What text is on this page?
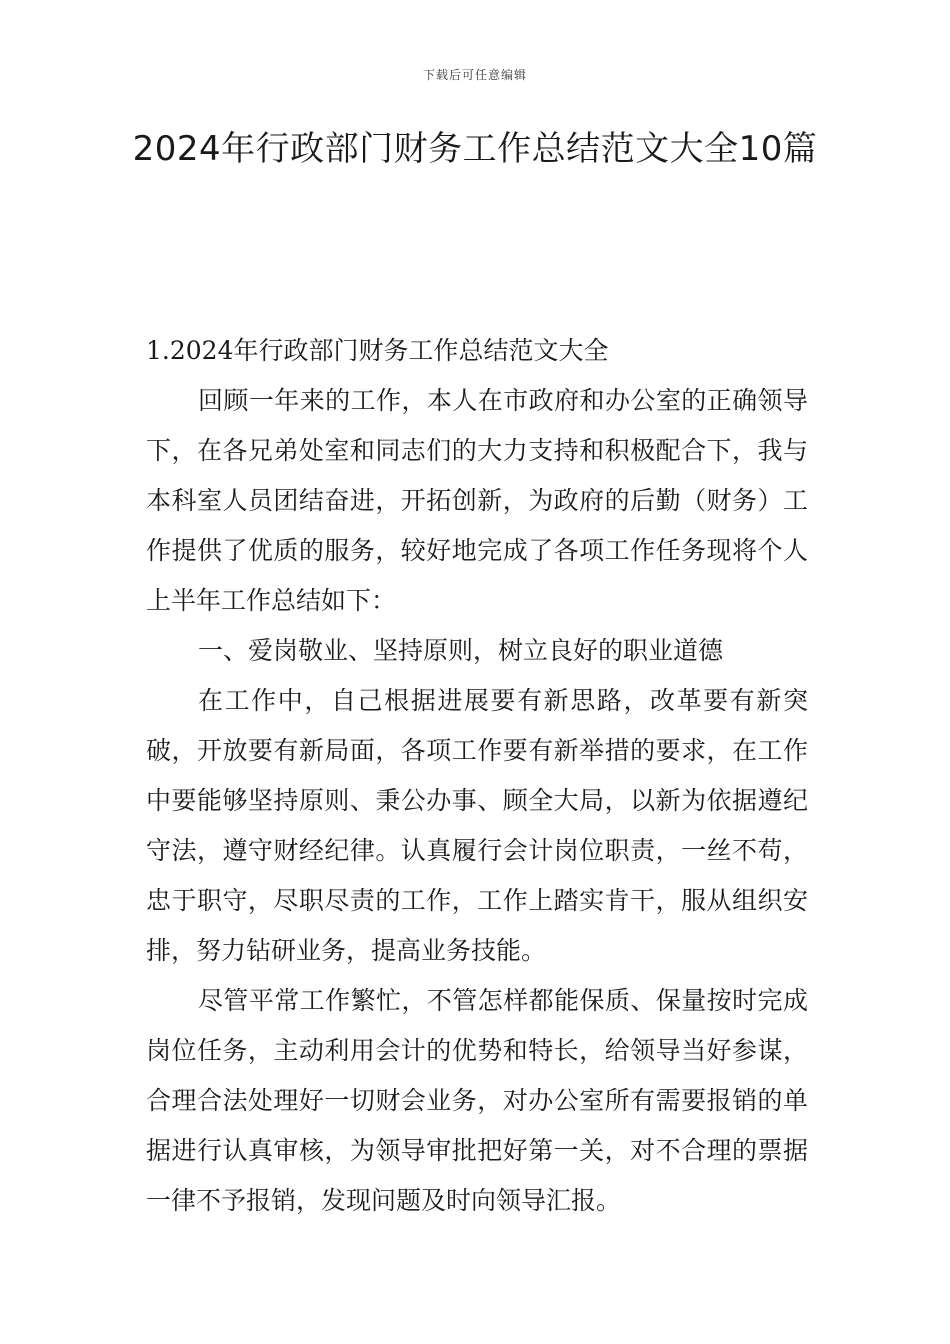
下载后可任意编辑
2024年行政部门财务工作总结范文大全10篇

1.2024年行政部门财务工作总结范文大全

回顾一年来的工作，本人在市政府和办公室的正确领导下，在各兄弟处室和同志们的大力支持和积极配合下，我与本科室人员团结奋进，开拓创新，为政府的后勤（财务）工作提供了优质的服务，较好地完成了各项工作任务现将个人上半年工作总结如下：

一、爱岗敬业、坚持原则，树立良好的职业道德

在工作中，自己根据进展要有新思路，改革要有新突破，开放要有新局面，各项工作要有新举措的要求，在工作中要能够坚持原则、秉公办事、顾全大局，以新为依据遵纪守法，遵守财经纪律。认真履行会计岗位职责，一丝不苟，忠于职守，尽职尽责的工作，工作上踏实肯干，服从组织安排，努力钻研业务，提高业务技能。

尽管平常工作繁忙，不管怎样都能保质、保量按时完成岗位任务，主动利用会计的优势和特长，给领导当好参谋，合理合法处理好一切财会业务，对办公室所有需要报销的单据进行认真审核，为领导审批把好第一关，对不合理的票据一律不予报销，发现问题及时向领导汇报。
